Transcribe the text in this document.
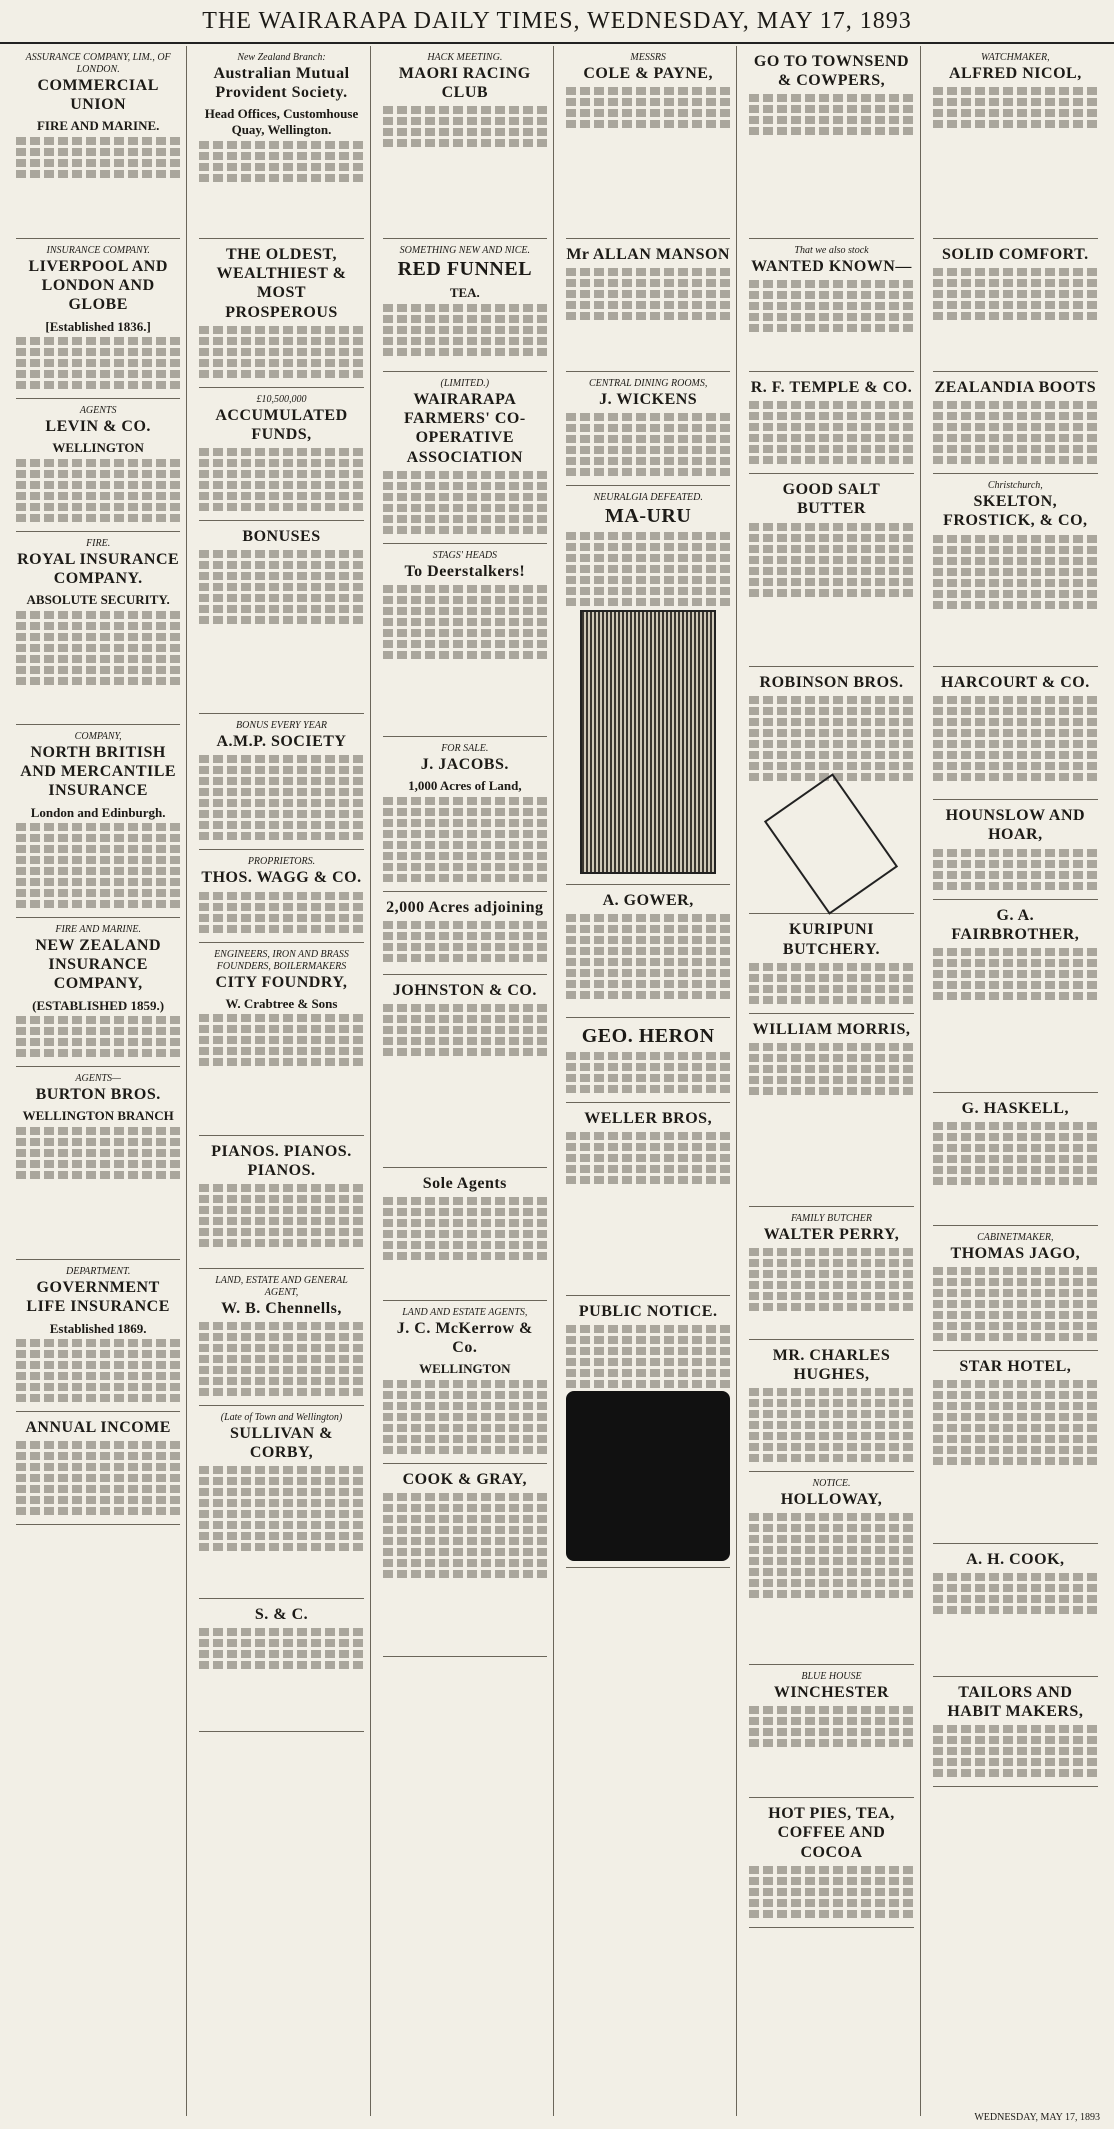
THE WAIRARAPA DAILY TIMES, WEDNESDAY, MAY 17, 1893
ASSURANCE COMPANY, LIM., OF LONDON.
COMMERCIAL UNION
FIRE AND MARINE.
INSURANCE COMPANY.
LIVERPOOL AND LONDON AND GLOBE
[Established 1836.]
AGENTS
LEVIN & CO.
WELLINGTON
FIRE.
ROYAL INSURANCE COMPANY.
ABSOLUTE SECURITY.
COMPANY,
NORTH BRITISH AND MERCANTILE INSURANCE
London and Edinburgh.
FIRE AND MARINE.
NEW ZEALAND INSURANCE COMPANY,
(ESTABLISHED 1859.)
AGENTS—
BURTON BROS.
WELLINGTON BRANCH
DEPARTMENT.
GOVERNMENT LIFE INSURANCE
Established 1869.
ANNUAL INCOME
New Zealand Branch:
Australian Mutual Provident Society.
Head Offices, Customhouse Quay, Wellington.
THE OLDEST, WEALTHIEST & MOST PROSPEROUS
£10,500,000
ACCUMULATED FUNDS,
BONUSES
BONUS EVERY YEAR
A.M.P. SOCIETY
PROPRIETORS.
THOS. WAGG & CO.
ENGINEERS, IRON AND BRASS FOUNDERS, BOILERMAKERS
CITY FOUNDRY,
W. Crabtree & Sons
PIANOS. PIANOS. PIANOS.
LAND, ESTATE AND GENERAL AGENT,
W. B. Chennells,
(Late of Town and Wellington)
SULLIVAN & CORBY,
S. & C.
HACK MEETING.
MAORI RACING CLUB
SOMETHING NEW AND NICE.
RED FUNNEL
TEA.
(LIMITED.)
WAIRARAPA FARMERS' CO-OPERATIVE ASSOCIATION
STAGS' HEADS
To Deerstalkers!
FOR SALE.
J. JACOBS.
1,000 Acres of Land,
2,000 Acres adjoining
JOHNSTON & CO.
Sole Agents
LAND AND ESTATE AGENTS,
J. C. McKerrow & Co.
WELLINGTON
COOK & GRAY,
MESSRS
COLE & PAYNE,
Mr ALLAN MANSON
CENTRAL DINING ROOMS,
J. WICKENS
NEURALGIA DEFEATED.
MA-URU
A. GOWER,
GEO. HERON
WELLER BROS,
PUBLIC NOTICE.
GO TO TOWNSEND & COWPERS,
That we also stock
WANTED KNOWN—
R. F. TEMPLE & CO.
GOOD SALT BUTTER
ROBINSON BROS.
KURIPUNI BUTCHERY.
WILLIAM MORRIS,
FAMILY BUTCHER
WALTER PERRY,
MR. CHARLES HUGHES,
NOTICE.
HOLLOWAY,
BLUE HOUSE
WINCHESTER
HOT PIES, TEA, COFFEE AND COCOA
WATCHMAKER,
ALFRED NICOL,
SOLID COMFORT.
ZEALANDIA BOOTS
Christchurch,
SKELTON, FROSTICK, & CO,
HARCOURT & CO.
HOUNSLOW AND HOAR,
G. A. FAIRBROTHER,
G. HASKELL,
CABINETMAKER,
THOMAS JAGO,
STAR HOTEL,
A. H. COOK,
TAILORS AND HABIT MAKERS,
WEDNESDAY, MAY 17, 1893
